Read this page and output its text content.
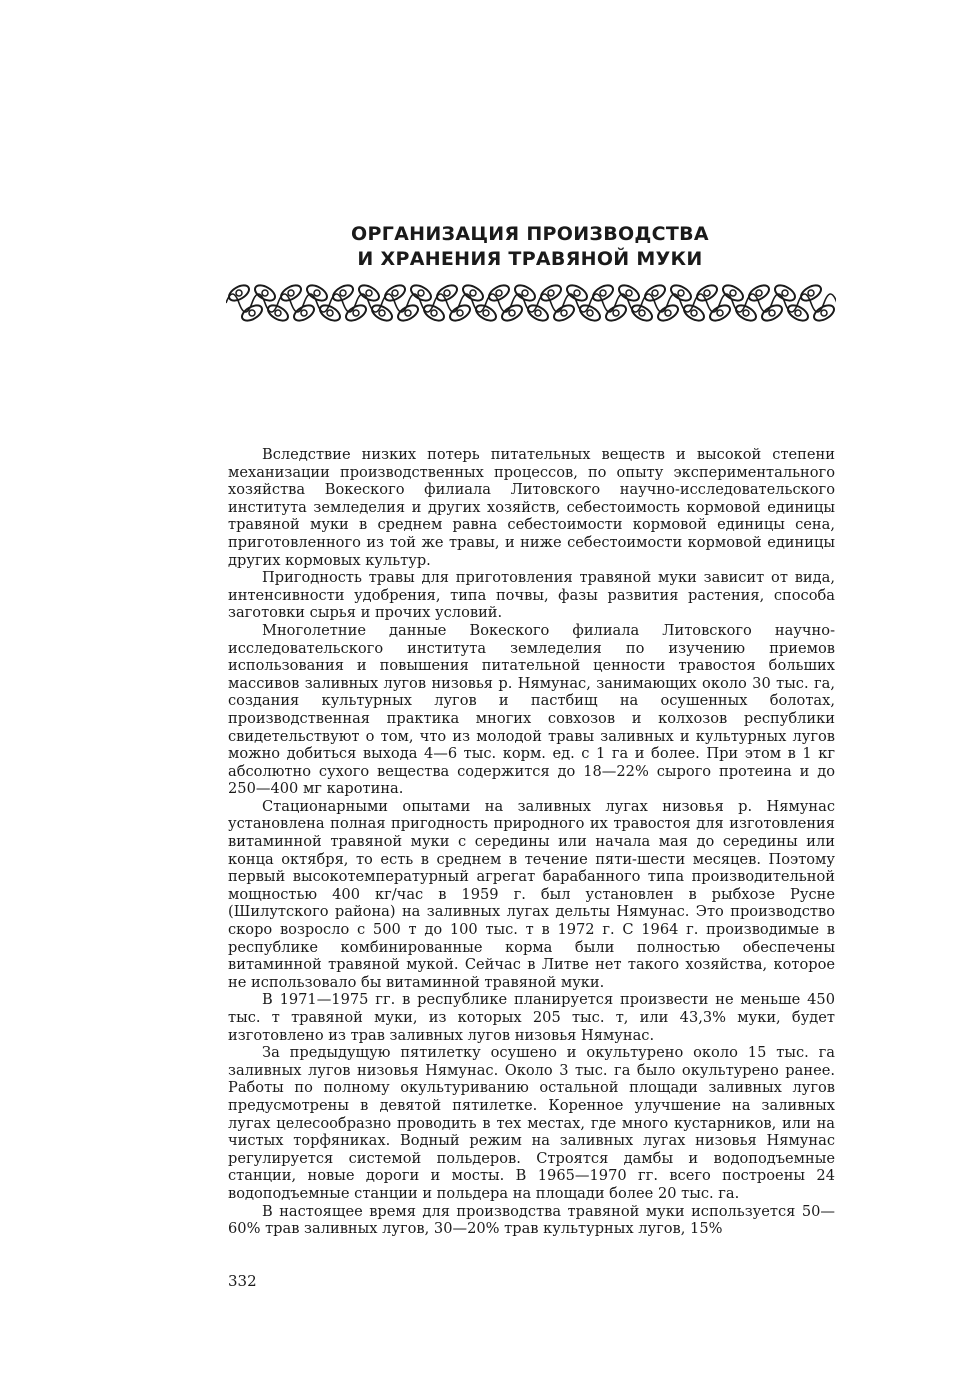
ОРГАНИЗАЦИЯ ПРОИЗВОДСТВА
И ХРАНЕНИЯ ТРАВЯНОЙ МУКИ

Вследствие низких потерь питательных веществ и высокой степени механизации производственных процессов, по опыту экспериментального хозяйства Вокеского филиала Литовского научно-исследовательского института земледелия и других хозяйств, себестоимость кормовой единицы травяной муки в среднем равна себестоимости кормовой единицы сена, приготовленного из той же травы, и ниже себестоимости кормовой единицы других кормовых культур.

Пригодность травы для приготовления травяной муки зависит от вида, интенсивности удобрения, типа почвы, фазы развития растения, способа заготовки сырья и прочих условий.

Многолетние данные Вокеского филиала Литовского научно-исследовательского института земледелия по изучению приемов использования и повышения питательной ценности травостоя больших массивов заливных лугов низовья р. Нямунас, занимающих около 30 тыс. га, создания культурных лугов и пастбищ на осушенных болотах, производственная практика многих совхозов и колхозов республики свидетельствуют о том, что из молодой травы заливных и культурных лугов можно добиться выхода 4—6 тыс. корм. ед. с 1 га и более. При этом в 1 кг абсолютно сухого вещества содержится до 18—22% сырого протеина и до 250—400 мг каротина.

Стационарными опытами на заливных лугах низовья р. Нямунас установлена полная пригодность природного их травостоя для изготовления витаминной травяной муки с середины или начала мая до середины или конца октября, то есть в среднем в течение пяти-шести месяцев. Поэтому первый высокотемпературный агрегат барабанного типа производительной мощностью 400 кг/час в 1959 г. был установлен в рыбхозе Русне (Шилутского района) на заливных лугах дельты Нямунас. Это производство скоро возросло с 500 т до 100 тыс. т в 1972 г. С 1964 г. производимые в республике комбинированные корма были полностью обеспечены витаминной травяной мукой. Сейчас в Литве нет такого хозяйства, которое не использовало бы витаминной травяной муки.

В 1971—1975 гг. в республике планируется произвести не меньше 450 тыс. т травяной муки, из которых 205 тыс. т, или 43,3% муки, будет изготовлено из трав заливных лугов низовья Нямунас.

За предыдущую пятилетку осушено и окультурено около 15 тыс. га заливных лугов низовья Нямунас. Около 3 тыс. га было окультурено ранее. Работы по полному окультуриванию остальной площади заливных лугов предусмотрены в девятой пятилетке. Коренное улучшение на заливных лугах целесообразно проводить в тех местах, где много кустарников, или на чистых торфяниках. Водный режим на заливных лугах низовья Нямунас регулируется системой польдеров. Строятся дамбы и водоподъемные станции, новые дороги и мосты. В 1965—1970 гг. всего построены 24 водоподъемные станции и польдера на площади более 20 тыс. га.

В настоящее время для производства травяной муки используется 50—60% трав заливных лугов, 30—20% трав культурных лугов, 15%

332
